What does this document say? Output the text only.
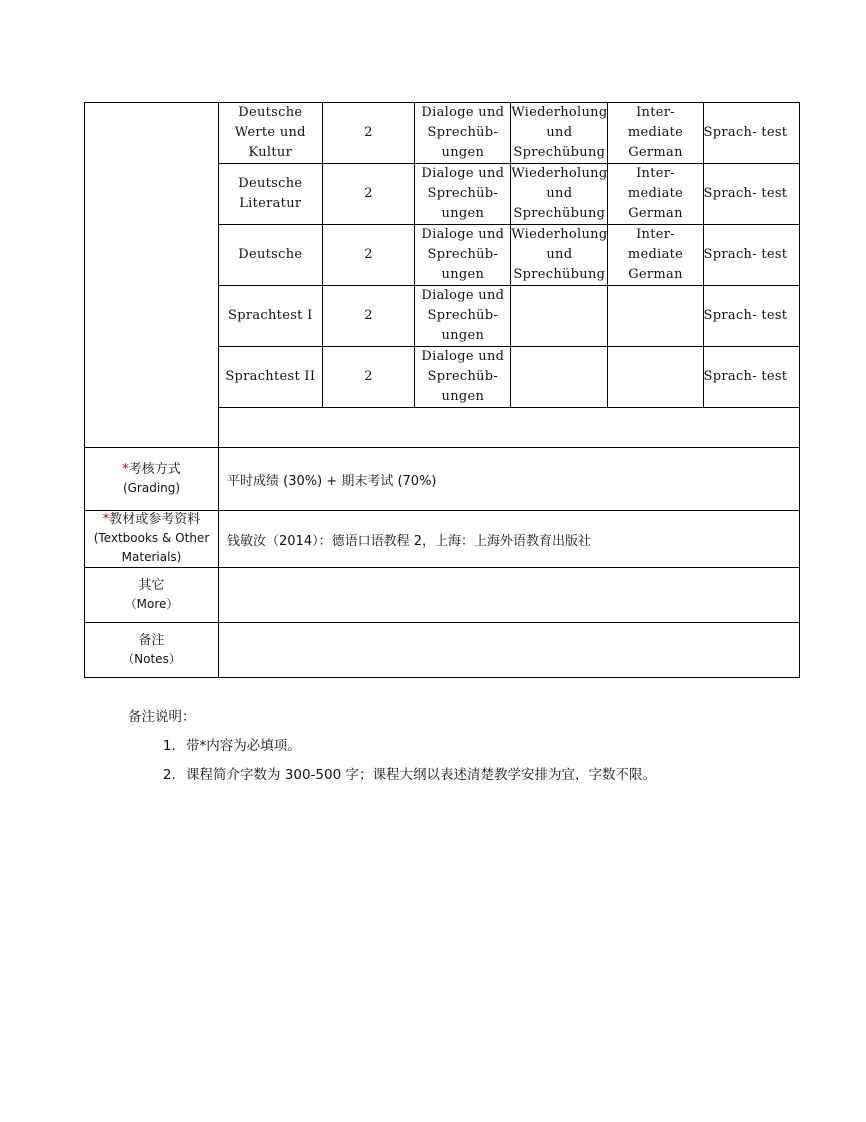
Deutsche Werte und Kultur	2	Dialoge und Sprechüb- ungen	Wiederholung und Sprechübung	Inter- mediate German	Sprach- test
Deutsche Literatur	2	Dialoge und Sprechüb- ungen	Wiederholung und Sprechübung	Inter- mediate German	Sprach- test
Deutsche	2	Dialoge und Sprechüb- ungen	Wiederholung und Sprechübung	Inter- mediate German	Sprach- test
Sprachtest I	2	Dialoge und Sprechüb- ungen			Sprach- test
Sprachtest II	2	Dialoge und Sprechüb- ungen			Sprach- test

*考核方式
(Grading)	平时成绩 (30%) + 期末考试 (70%)
*教材或参考资料
(Textbooks & Other Materials)	钱敏汝（2014）：德语口语教程 2，上海：上海外语教育出版社
其它
（More）	
备注
（Notes）	
备注说明：
1. 带*内容为必填项。
2. 课程简介字数为 300-500 字；课程大纲以表述清楚教学安排为宜，字数不限。
